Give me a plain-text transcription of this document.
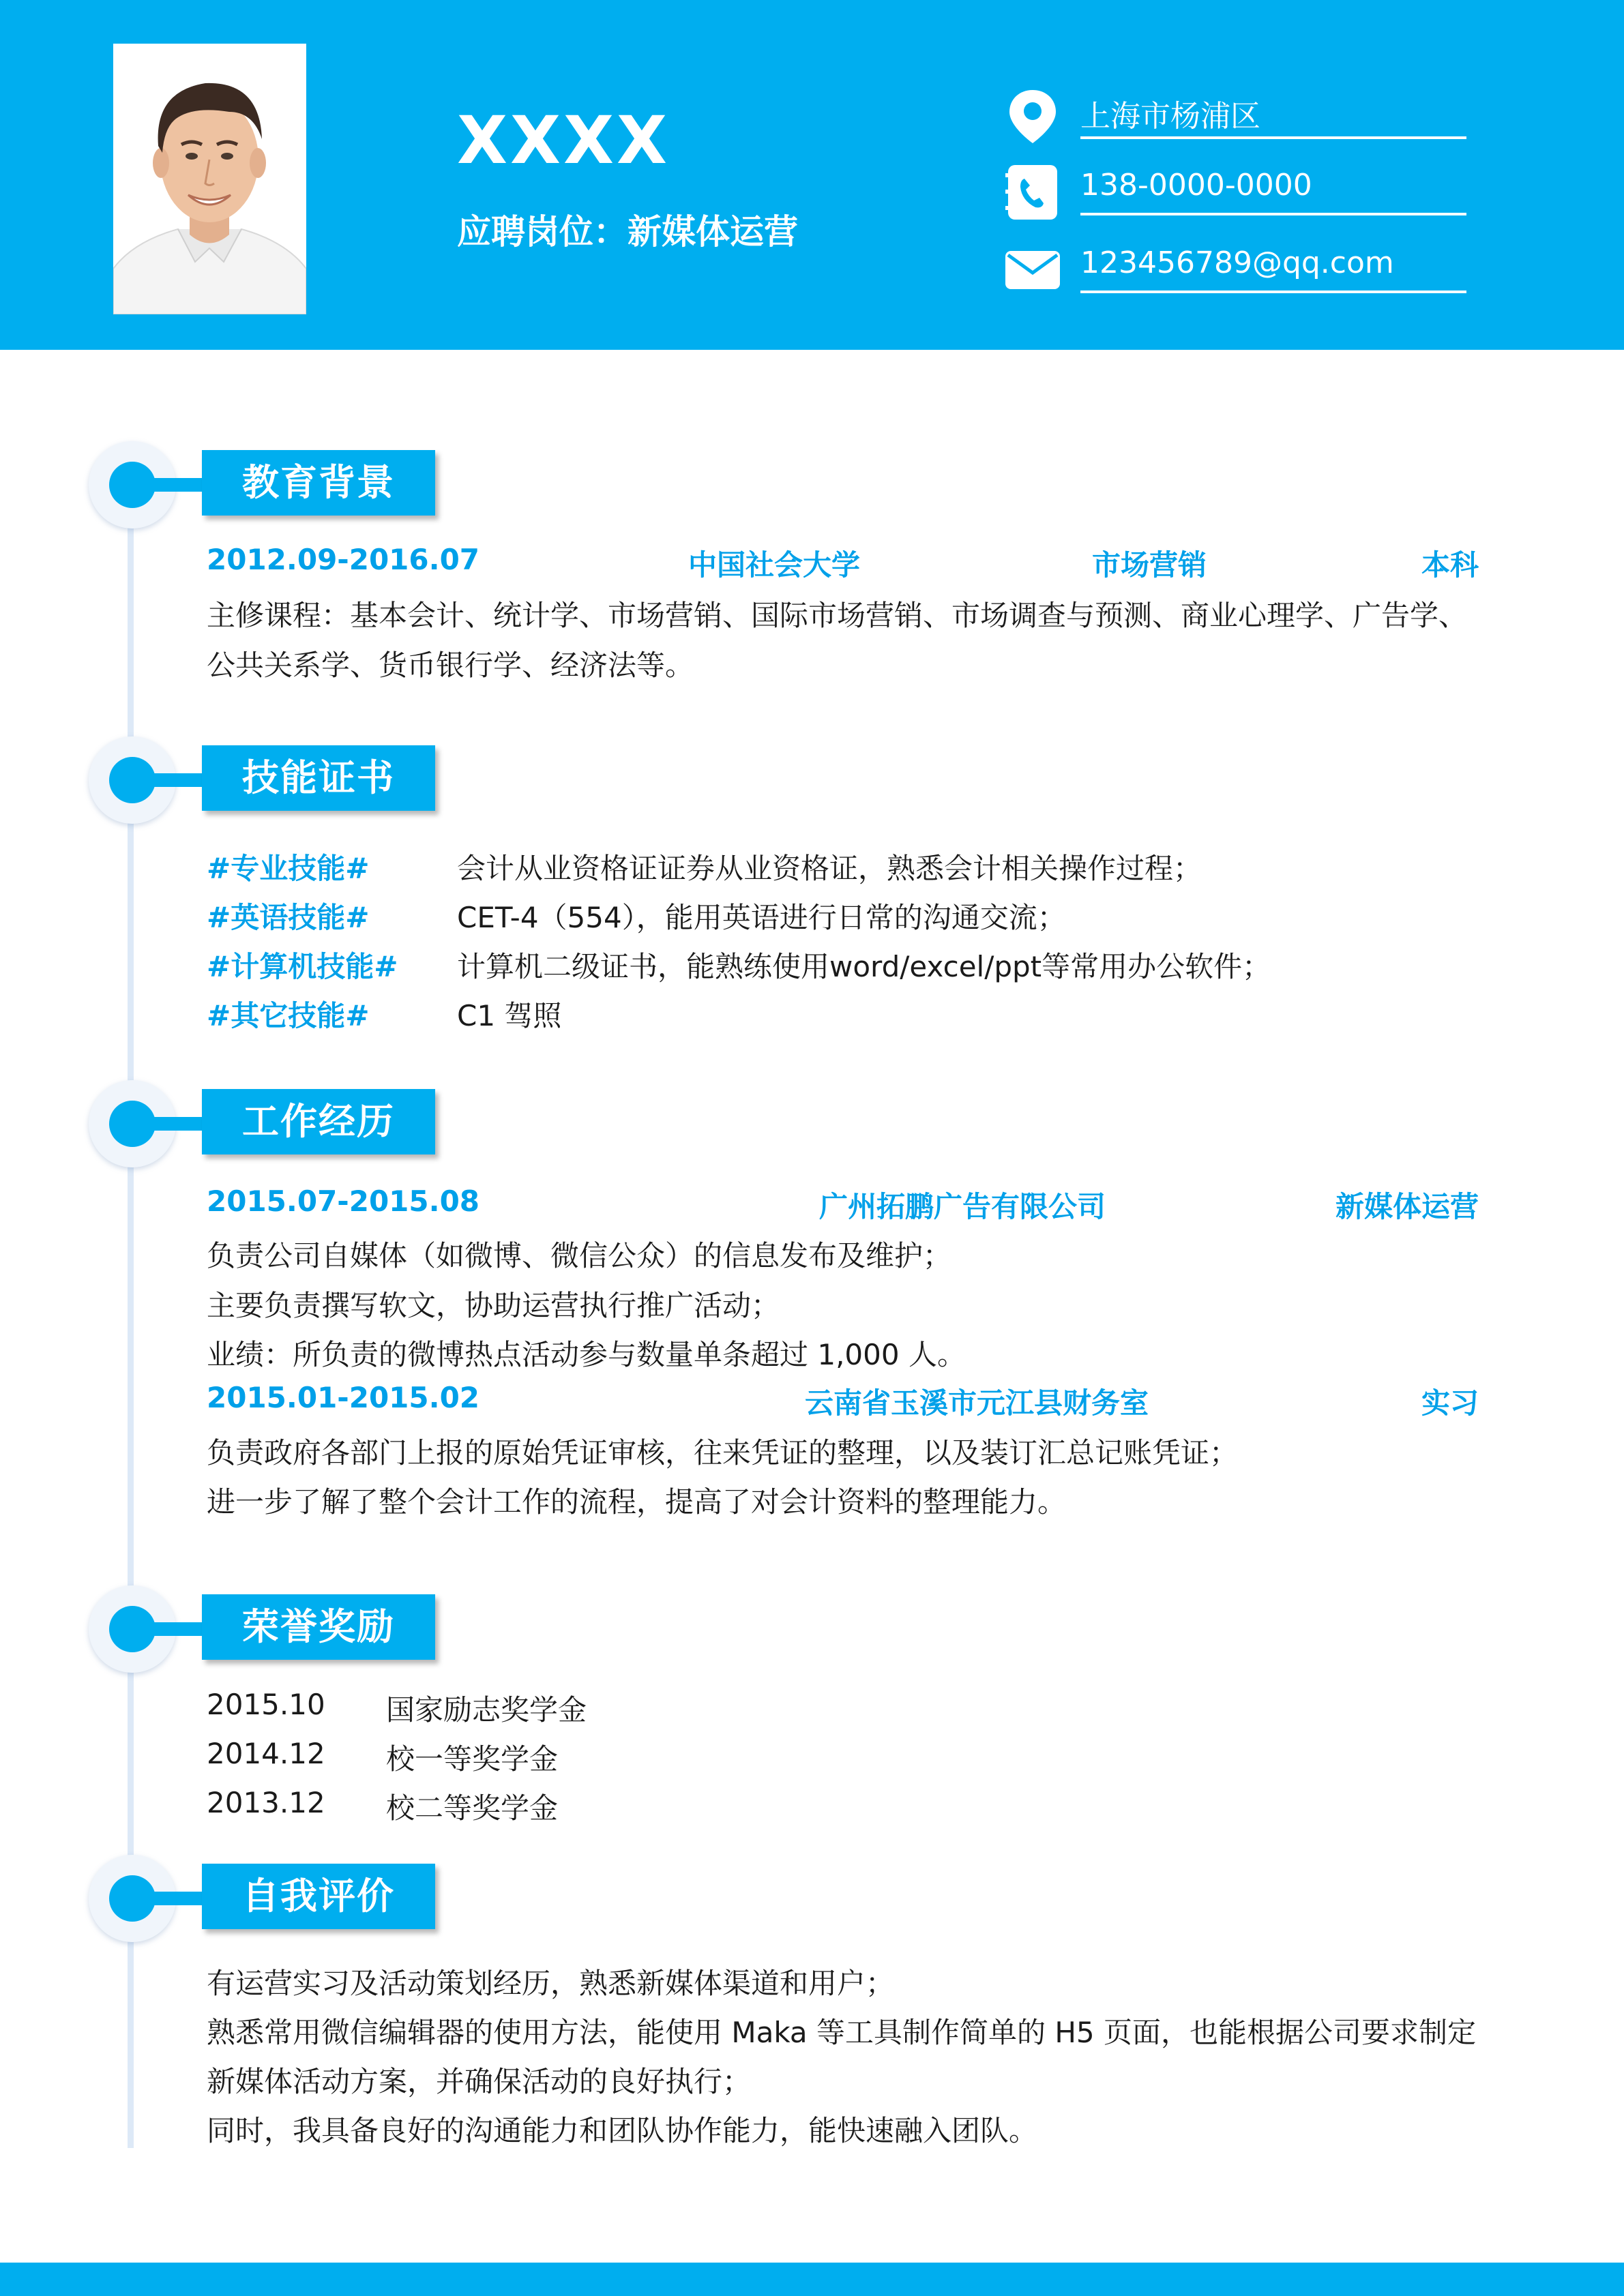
XXXX
应聘岗位：新媒体运营
上海市杨浦区
138-0000-0000
123456789@qq.com
教育背景
2012.09-2016.07	中国社会大学	市场营销	本科
主修课程：基本会计、统计学、市场营销、国际市场营销、市场调查与预测、商业心理学、广告学、
公共关系学、货币银行学、经济法等。
技能证书
#专业技能#	会计从业资格证证券从业资格证，熟悉会计相关操作过程；
#英语技能#	CET-4（554），能用英语进行日常的沟通交流；
#计算机技能# 计算机二级证书，能熟练使用word/excel/ppt等常用办公软件；
#其它技能#	C1 驾照
工作经历
2015.07-2015.08	广州拓鹏广告有限公司	新媒体运营
负责公司自媒体（如微博、微信公众）的信息发布及维护；
主要负责撰写软文，协助运营执行推广活动；
业绩：所负责的微博热点活动参与数量单条超过 1,000 人。
2015.01-2015.02	云南省玉溪市元江县财务室	实习
负责政府各部门上报的原始凭证审核，往来凭证的整理，以及装订汇总记账凭证；
进一步了解了整个会计工作的流程，提高了对会计资料的整理能力。
荣誉奖励
2015.10 国家励志奖学金
2014.12 校一等奖学金
2013.12 校二等奖学金
自我评价
有运营实习及活动策划经历，熟悉新媒体渠道和用户；
熟悉常用微信编辑器的使用方法，能使用 Maka 等工具制作简单的 H5 页面，也能根据公司要求制定
新媒体活动方案，并确保活动的良好执行；
同时，我具备良好的沟通能力和团队协作能力，能快速融入团队。
